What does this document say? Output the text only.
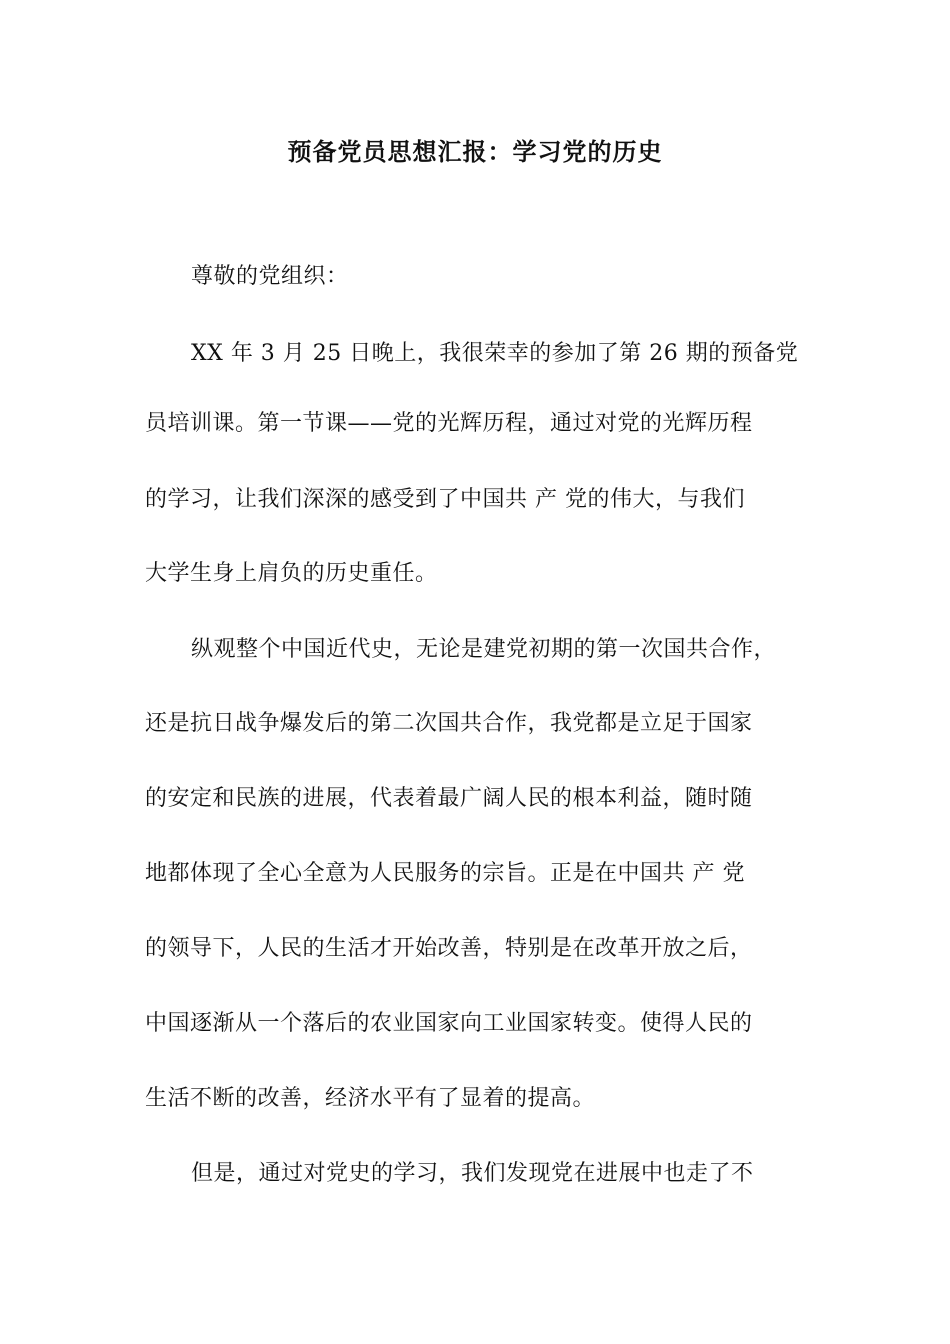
预备党员思想汇报：学习党的历史
尊敬的党组织：
XX 年 3 月 25 日晚上，我很荣幸的参加了第 26 期的预备党
员培训课。第一节课——党的光辉历程，通过对党的光辉历程
的学习，让我们深深的感受到了中国共 产 党的伟大，与我们
大学生身上肩负的历史重任。
纵观整个中国近代史，无论是建党初期的第一次国共合作，
还是抗日战争爆发后的第二次国共合作，我党都是立足于国家
的安定和民族的进展，代表着最广阔人民的根本利益，随时随
地都体现了全心全意为人民服务的宗旨。正是在中国共 产 党
的领导下，人民的生活才开始改善，特别是在改革开放之后，
中国逐渐从一个落后的农业国家向工业国家转变。使得人民的
生活不断的改善，经济水平有了显着的提高。
但是，通过对党史的学习，我们发现党在进展中也走了不
